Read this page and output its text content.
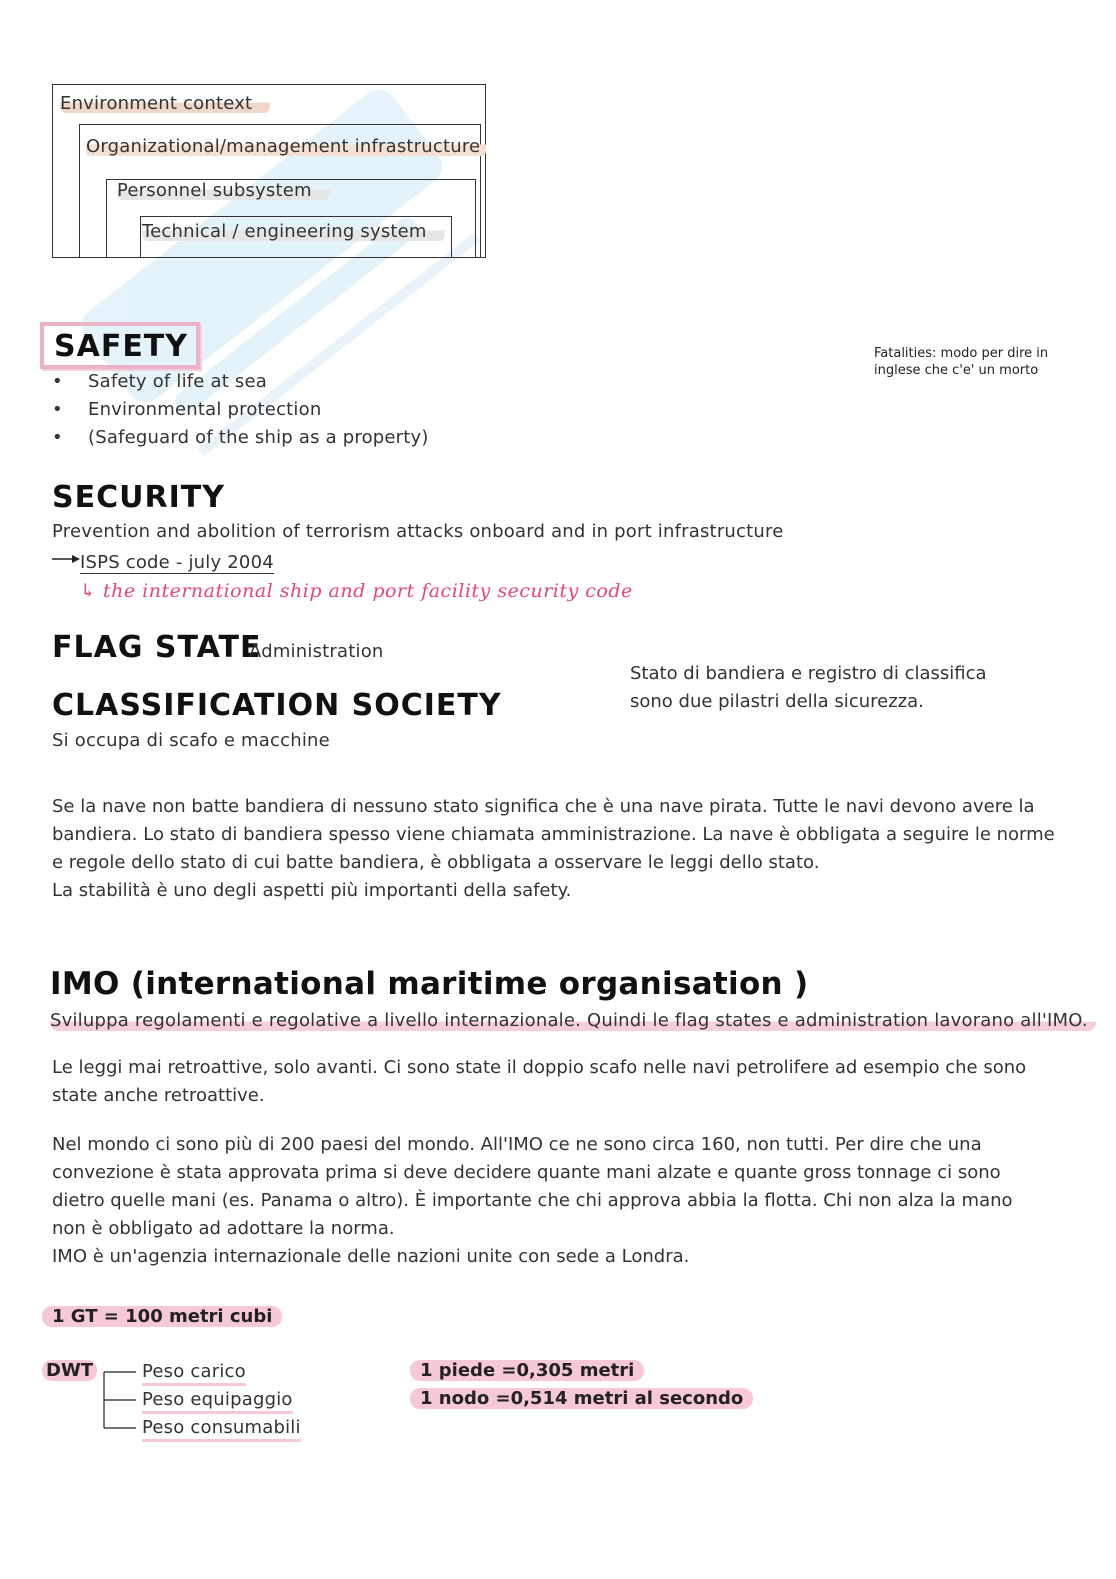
Environment context
Organizational/management infrastructure
Personnel subsystem
Technical / engineering system
SAFETY
• Safety of life at sea
• Environmental protection
• (Safeguard of the ship as a property)
Fatalities: modo per dire in
inglese che c'e' un morto
SECURITY
Prevention and abolition of terrorism attacks onboard and in port infrastructure
ISPS code - july 2004
↳ the international ship and port facility security code
FLAG STATE
Administration
Stato di bandiera e registro di classifica
sono due pilastri della sicurezza.
CLASSIFICATION SOCIETY
Si occupa di scafo e macchine
Se la nave non batte bandiera di nessuno stato significa che è una nave pirata. Tutte le navi devono avere la
bandiera. Lo stato di bandiera spesso viene chiamata amministrazione. La nave è obbligata a seguire le norme
e regole dello stato di cui batte bandiera, è obbligata a osservare le leggi dello stato.
La stabilità è uno degli aspetti più importanti della safety.
IMO (international maritime organisation )
Sviluppa regolamenti e regolative a livello internazionale. Quindi le flag states e administration lavorano all'IMO.
Le leggi mai retroattive, solo avanti. Ci sono state il doppio scafo nelle navi petrolifere ad esempio che sono
state anche retroattive.
Nel mondo ci sono più di 200 paesi del mondo. All'IMO ce ne sono circa 160, non tutti. Per dire che una
convezione è stata approvata prima si deve decidere quante mani alzate e quante gross tonnage ci sono
dietro quelle mani (es. Panama o altro). È importante che chi approva abbia la flotta. Chi non alza la mano
non è obbligato ad adottare la norma.
IMO è un'agenzia internazionale delle nazioni unite con sede a Londra.
1 GT = 100 metri cubi
DWT	Peso carico
Peso equipaggio
Peso consumabili
1 piede =0,305 metri
1 nodo =0,514 metri al secondo
